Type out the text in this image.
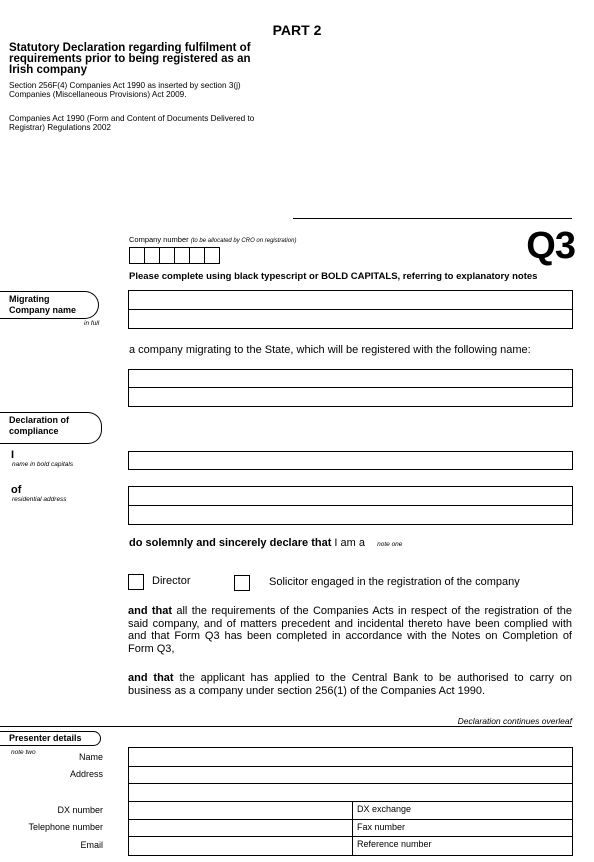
PART 2
Statutory Declaration regarding fulfilment of requirements prior to being registered as an Irish company
Section 256F(4) Companies Act 1990 as inserted by section 3(j) Companies (Miscellaneous Provisions) Act 2009.
Companies Act 1990 (Form and Content of Documents Delivered to Registrar) Regulations 2002
Q3
Company number (to be allocated by CRO on registration)
Please complete using black typescript or BOLD CAPITALS, referring to explanatory notes
Migrating Company name
in full
a company migrating to the State, which will be registered with the following name:
Declaration of compliance
I
name in bold capitals
of
residential address
do solemnly and sincerely declare that I am a  note one
Director	Solicitor engaged in the registration of the company
and that all the requirements of the Companies Acts in respect of the registration of the said company, and of matters precedent and incidental thereto have been complied with and that Form Q3 has been completed in accordance with the Notes on Completion of Form Q3,
and that the applicant has applied to the Central Bank to be authorised to carry on business as a company under section 256(1) of the Companies Act 1990.
Declaration continues overleaf
Presenter details
note two	Name
Address
DX number
Telephone number
Email
DX exchange
Fax number
Reference number
